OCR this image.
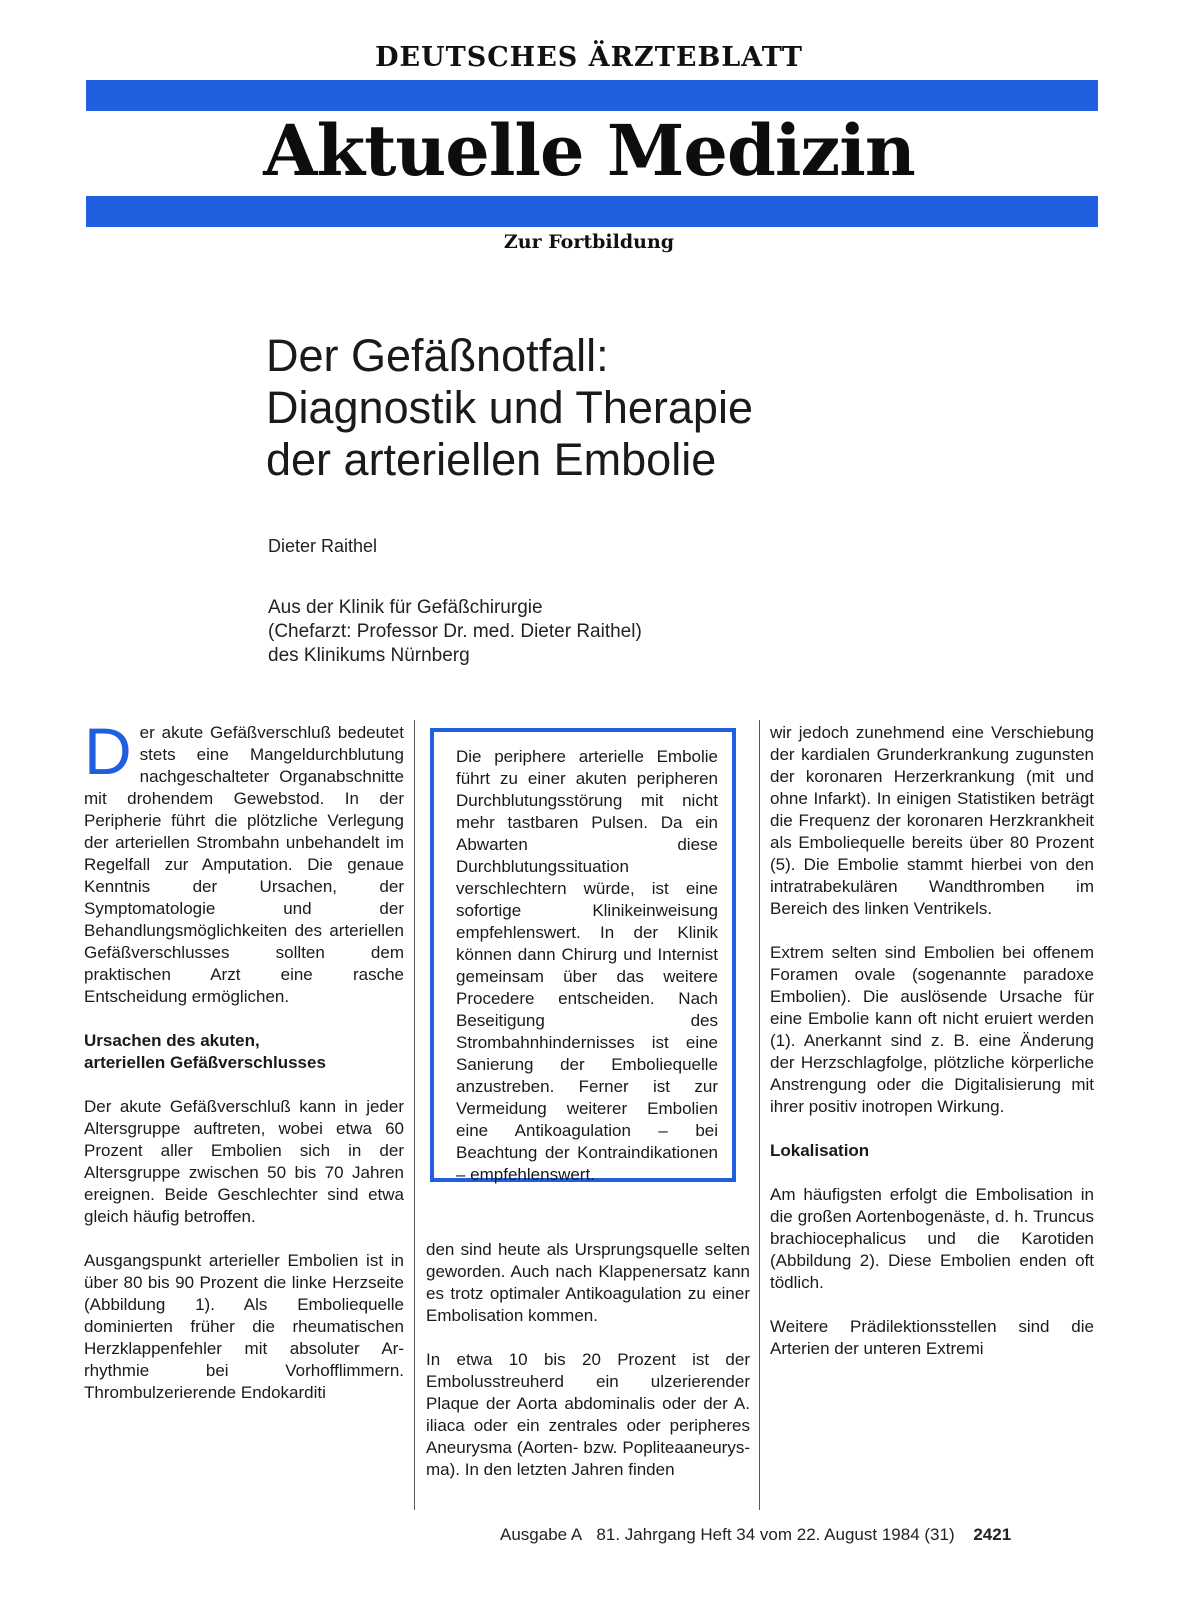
DEUTSCHES ÄRZTEBLATT
Aktuelle Medizin
Zur Fortbildung
Der Gefäßnotfall:
Diagnostik und Therapie
der arteriellen Embolie
Dieter Raithel
Aus der Klinik für Gefäßchirurgie
(Chefarzt: Professor Dr. med. Dieter Raithel)
des Klinikums Nürnberg

Der akute Gefäßverschluß bedeutet stets eine Mangeldurchblutung nachgeschalteter Organabschnitte mit drohendem Gewebstod. In der Peripherie führt die plötzliche Verlegung der arteriellen Strombahn unbehandelt im Regelfall zur Amputation. Die genaue Kenntnis der Ursachen, der Symptomatologie und der Behandlungsmöglichkeiten des arteriellen Gefäßverschlusses sollten dem praktischen Arzt eine rasche Entscheidung ermöglichen.

Ursachen des akuten,
arteriellen Gefäßverschlusses

Der akute Gefäßverschluß kann in jeder Altersgruppe auftreten, wobei etwa 60 Prozent aller Embolien sich in der Altersgruppe zwischen 50 bis 70 Jahren ereignen. Beide Geschlechter sind etwa gleich häufig betroffen.

Ausgangspunkt arterieller Embolien ist in über 80 bis 90 Prozent die linke Herzseite (Abbildung 1). Als Emboliequelle dominierten früher die rheumatischen Herzklappenfehler mit absoluter Arrhythmie bei Vorhofflimmern. Thrombulzerierende Endokarditi

Die periphere arterielle Embolie führt zu einer akuten peripheren Durchblutungsstörung mit nicht mehr tastbaren Pulsen. Da ein Abwarten diese Durchblutungssituation verschlechtern würde, ist eine sofortige Klinikeinweisung empfehlenswert. In der Klinik können dann Chirurg und Internist gemeinsam über das weitere Procedere entscheiden. Nach Beseitigung des Strombahnhindernisses ist eine Sanierung der Emboliequelle anzustreben. Ferner ist zur Vermeidung weiterer Embolien eine Antikoagulation – bei Beachtung der Kontraindikationen – empfehlenswert.

den sind heute als Ursprungsquelle selten geworden. Auch nach Klappenersatz kann es trotz optimaler Antikoagulation zu einer Embolisation kommen.

In etwa 10 bis 20 Prozent ist der Embolusstreuherd ein ulzerierender Plaque der Aorta abdominalis oder der A. iliaca oder ein zentrales oder peripheres Aneurysma (Aorten- bzw. Popliteaaneurysma). In den letzten Jahren finden

wir jedoch zunehmend eine Verschiebung der kardialen Grunderkrankung zugunsten der koronaren Herzerkrankung (mit und ohne Infarkt). In einigen Statistiken beträgt die Frequenz der koronaren Herzkrankheit als Emboliequelle bereits über 80 Prozent (5). Die Embolie stammt hierbei von den intratrabekulären Wandthromben im Bereich des linken Ventrikels.

Extrem selten sind Embolien bei offenem Foramen ovale (sogenannte paradoxe Embolien). Die auslösende Ursache für eine Embolie kann oft nicht eruiert werden (1). Anerkannt sind z. B. eine Änderung der Herzschlagfolge, plötzliche körperliche Anstrengung oder die Digitalisierung mit ihrer positiv inotropen Wirkung.

Lokalisation

Am häufigsten erfolgt die Embolisation in die großen Aortenbogenäste, d. h. Truncus brachiocephalicus und die Karotiden (Abbildung 2). Diese Embolien enden oft tödlich.

Weitere Prädilektionsstellen sind die Arterien der unteren Extremi

Ausgabe A 81. Jahrgang Heft 34 vom 22. August 1984 (31) 2421
